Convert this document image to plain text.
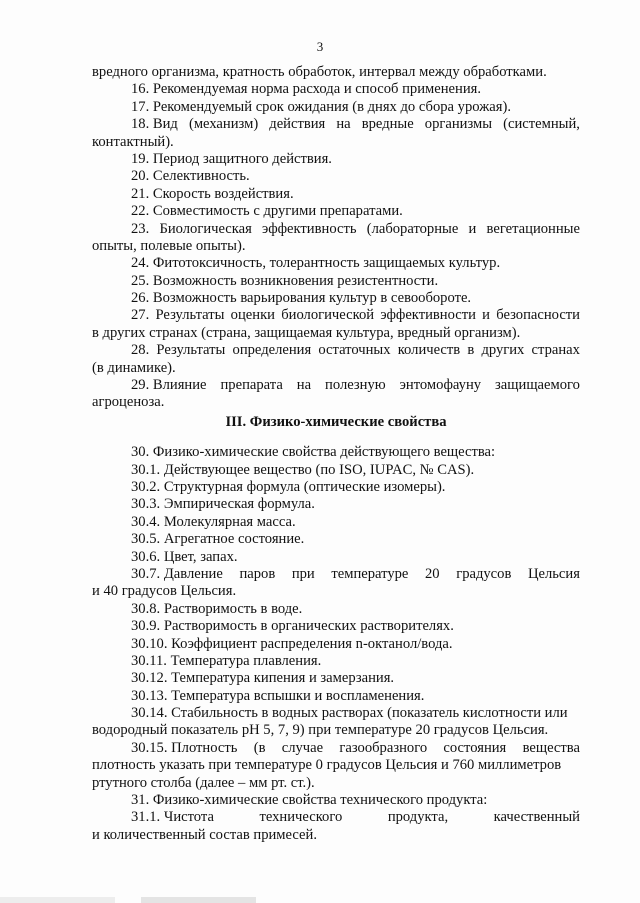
3
вредного организма, кратность обработок, интервал между обработками.
16. Рекомендуемая норма расхода и способ применения.
17. Рекомендуемый срок ожидания (в днях до сбора урожая).
18. Вид (механизм) действия на вредные организмы (системный,
контактный).
19. Период защитного действия.
20. Селективность.
21. Скорость воздействия.
22. Совместимость с другими препаратами.
23. Биологическая эффективность (лабораторные и вегетационные
опыты, полевые опыты).
24. Фитотоксичность, толерантность защищаемых культур.
25. Возможность возникновения резистентности.
26. Возможность варьирования культур в севообороте.
27. Результаты оценки биологической эффективности и безопасности
в других странах (страна, защищаемая культура, вредный организм).
28. Результаты определения остаточных количеств в других странах
(в динамике).
29. Влияние препарата на полезную энтомофауну защищаемого
агроценоза.
III. Физико-химические свойства
30. Физико-химические свойства действующего вещества:
30.1. Действующее вещество (по ISO, IUPAC, № CAS).
30.2. Структурная формула (оптические изомеры).
30.3. Эмпирическая формула.
30.4. Молекулярная масса.
30.5. Агрегатное состояние.
30.6. Цвет, запах.
30.7. Давление паров при температуре 20 градусов Цельсия
и 40 градусов Цельсия.
30.8. Растворимость в воде.
30.9. Растворимость в органических растворителях.
30.10. Коэффициент распределения n-октанол/вода.
30.11. Температура плавления.
30.12. Температура кипения и замерзания.
30.13. Температура вспышки и воспламенения.
30.14. Стабильность в водных растворах (показатель кислотности или
водородный показатель pH 5, 7, 9) при температуре 20 градусов Цельсия.
30.15. Плотность (в случае газообразного состояния вещества
плотность указать при температуре 0 градусов Цельсия и 760 миллиметров
ртутного столба (далее – мм рт. ст.).
31. Физико-химические свойства технического продукта:
31.1. Чистота	технического	продукта,	качественный
и количественный состав примесей.
